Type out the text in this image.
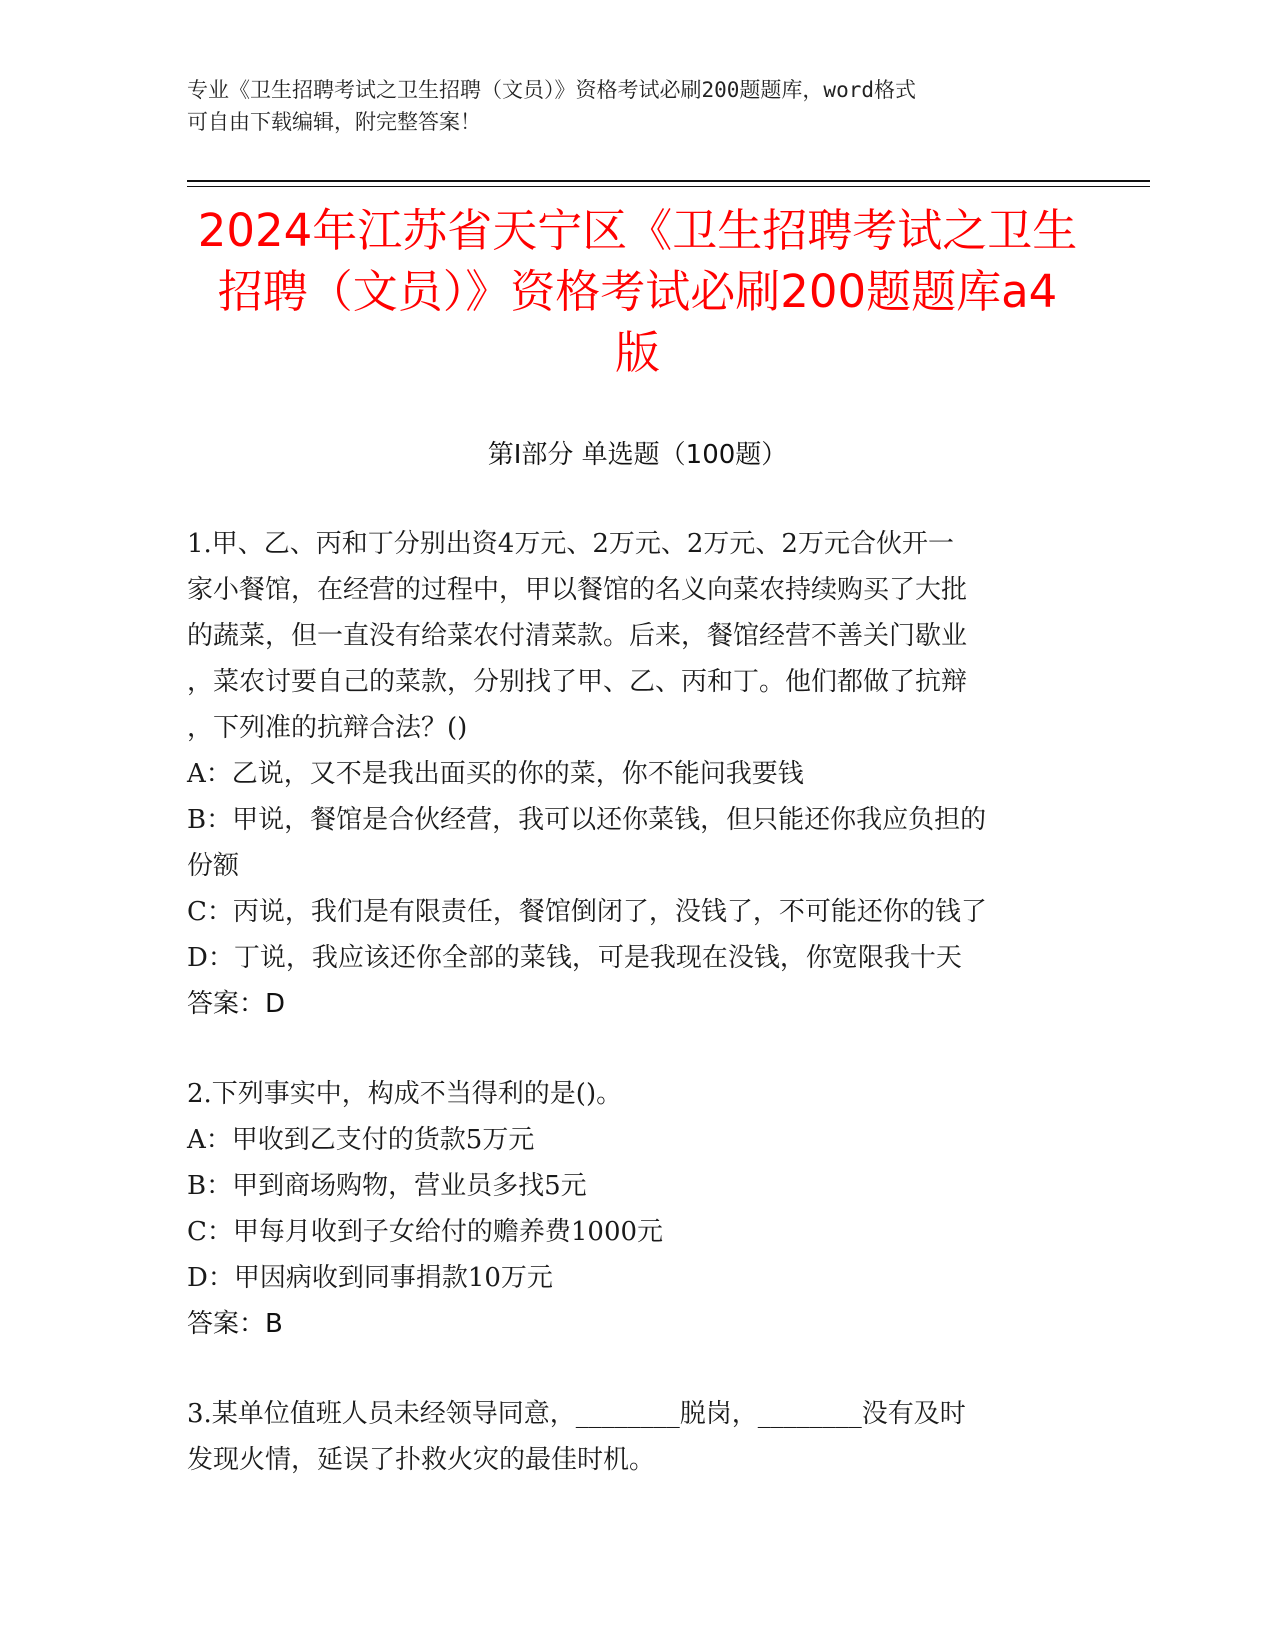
专业《卫生招聘考试之卫生招聘（文员）》资格考试必刷200题题库，word格式
可自由下载编辑，附完整答案！
2024年江苏省天宁区《卫生招聘考试之卫生
招聘（文员）》资格考试必刷200题题库a4
版
第Ⅰ部分 单选题（100题）
1.甲、乙、丙和丁分别出资4万元、2万元、2万元、2万元合伙开一
家小餐馆，在经营的过程中，甲以餐馆的名义向菜农持续购买了大批
的蔬菜，但一直没有给菜农付清菜款。后来，餐馆经营不善关门歇业
，菜农讨要自己的菜款，分别找了甲、乙、丙和丁。他们都做了抗辩
，下列准的抗辩合法？()
A：乙说，又不是我出面买的你的菜，你不能问我要钱
B：甲说，餐馆是合伙经营，我可以还你菜钱，但只能还你我应负担的
份额
C：丙说，我们是有限责任，餐馆倒闭了，没钱了，不可能还你的钱了
D：丁说，我应该还你全部的菜钱，可是我现在没钱，你宽限我十天
答案：D
2.下列事实中，构成不当得利的是()。
A：甲收到乙支付的货款5万元
B：甲到商场购物，营业员多找5元
C：甲每月收到子女给付的赡养费1000元
D：甲因病收到同事捐款10万元
答案：B
3.某单位值班人员未经领导同意，________脱岗，________没有及时
发现火情，延误了扑救火灾的最佳时机。
